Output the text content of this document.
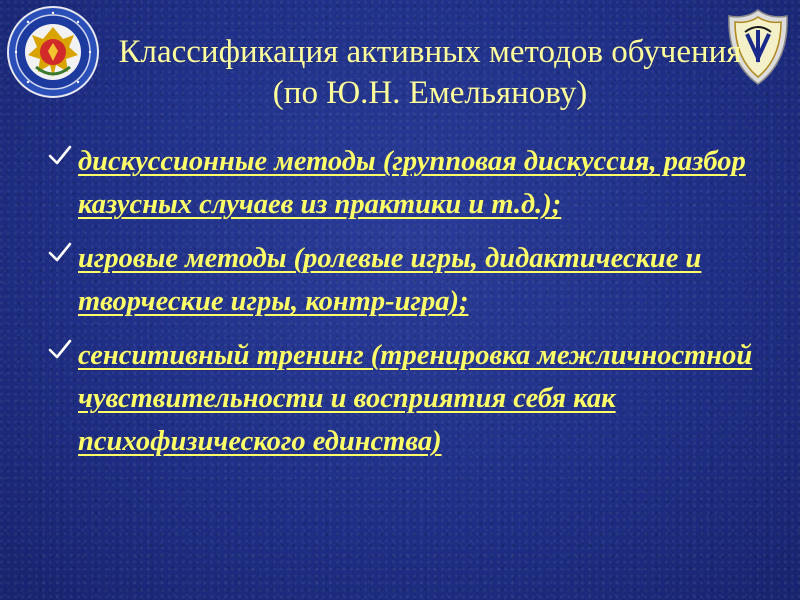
Классификация активных методов обучения (по Ю.Н. Емельянову)
дискуссионные методы (групповая дискуссия, разбор казусных случаев из практики и т.д.);
игровые методы (ролевые игры, дидактические и творческие игры, контр-игра);
сенситивный тренинг (тренировка межличностной чувствительности и восприятия себя как психофизического единства)
